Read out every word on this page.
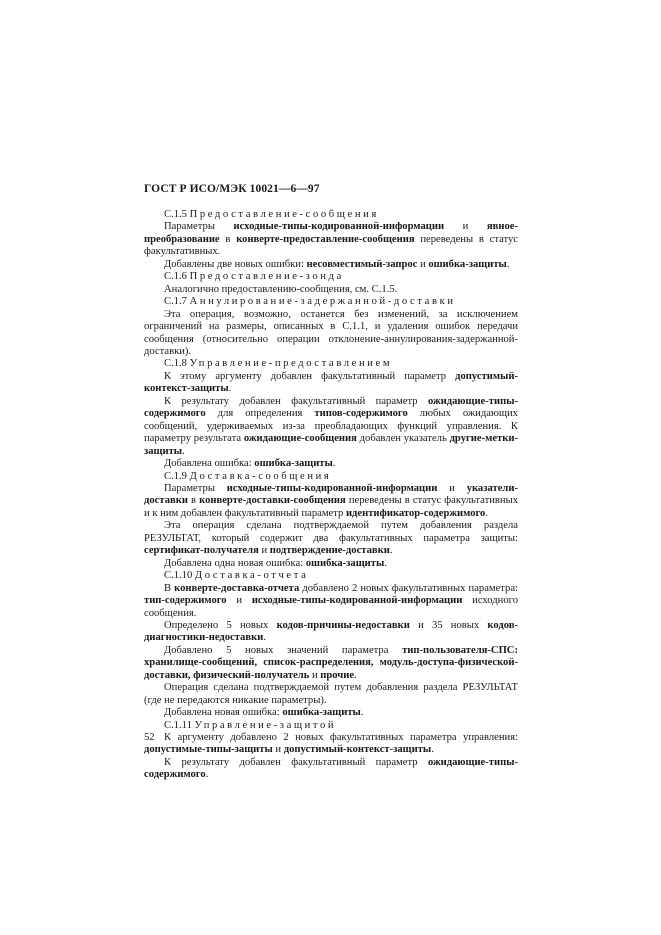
ГОСТ Р ИСО/МЭК 10021—6—97

С.1.5 Предоставление-сообщения

Параметры исходные-типы-кодированной-информации и явное-преобразование в конверте-предоставление-сообщения переведены в статус факультативных.

Добавлены две новых ошибки: несовместимый-запрос и ошибка-защиты.

С.1.6 Предоставление-зонда

Аналогично предоставлению-сообщения, см. С.1.5.

С.1.7 Аннулирование-задержанной-доставки

Эта операция, возможно, останется без изменений, за исключением ограничений на размеры, описанных в С.1.1, и удаления ошибок передачи сообщения (относительно операции отклонение-аннулирования-задержанной-доставки).

С.1.8 Управление-предоставлением

К этому аргументу добавлен факультативный параметр допустимый-контекст-защиты.

К результату добавлен факультативный параметр ожидающие-типы-содержимого для определения типов-содержимого любых ожидающих сообщений, удерживаемых из-за преобладающих функций управления. К параметру результата ожидающие-сообщения добавлен указатель другие-метки-защиты.

Добавлена ошибка: ошибка-защиты.

С.1.9 Доставка-сообщения

Параметры исходные-типы-кодированной-информации и указатели-доставки в конверте-доставки-сообщения переведены в статус факультативных и к ним добавлен факультативный параметр идентификатор-содержимого.

Эта операция сделана подтверждаемой путем добавления раздела РЕЗУЛЬТАТ, который содержит два факультативных параметра защиты: сертификат-получателя и подтверждение-доставки.

Добавлена одна новая ошибка: ошибка-защиты.

С.1.10 Доставка-отчета

В конверте-доставка-отчета добавлено 2 новых факультативных параметра: тип-содержимого и исходные-типы-кодированной-информации исходного сообщения.

Определено 5 новых кодов-причины-недоставки и 35 новых кодов-диагностики-недоставки.

Добавлено 5 новых значений параметра тип-пользователя-СПС: хранилище-сообщений, список-распределения, модуль-доступа-физической-доставки, физический-получатель и прочие.

Операция сделана подтверждаемой путем добавления раздела РЕЗУЛЬТАТ (где не передаются никакие параметры).

Добавлена новая ошибка: ошибка-защиты.

С.1.11 Управление-защитой

К аргументу добавлено 2 новых факультативных параметра управления: допустимые-типы-защиты и допустимый-контекст-защиты.

К результату добавлен факультативный параметр ожидающие-типы-содержимого.

52
